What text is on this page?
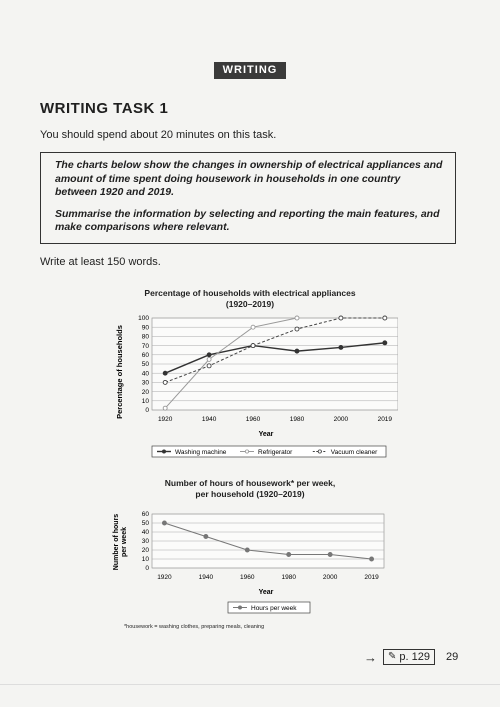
WRITING
WRITING TASK 1
You should spend about 20 minutes on this task.

The charts below show the changes in ownership of electrical appliances and amount of time spent doing housework in households in one country between 1920 and 2019.

Summarise the information by selecting and reporting the main features, and make comparisons where relevant.

Write at least 150 words.
Percentage of households with electrical appliances
(1920–2019)
0
10
20
30
40
50
60
70
80
90
100
1920	1940	1960	1980	2000	2019
Percentage of households
Year
Washing machine	Refrigerator	Vacuum cleaner
Number of hours of housework* per week,
per household (1920–2019)
0
10
20
30
40
50
60
1920	1940	1960	1980	2000	2019
Number of hours per week
Year
Hours per week
*housework = washing clothes, preparing meals, cleaning
→ ✎ p. 129 29
